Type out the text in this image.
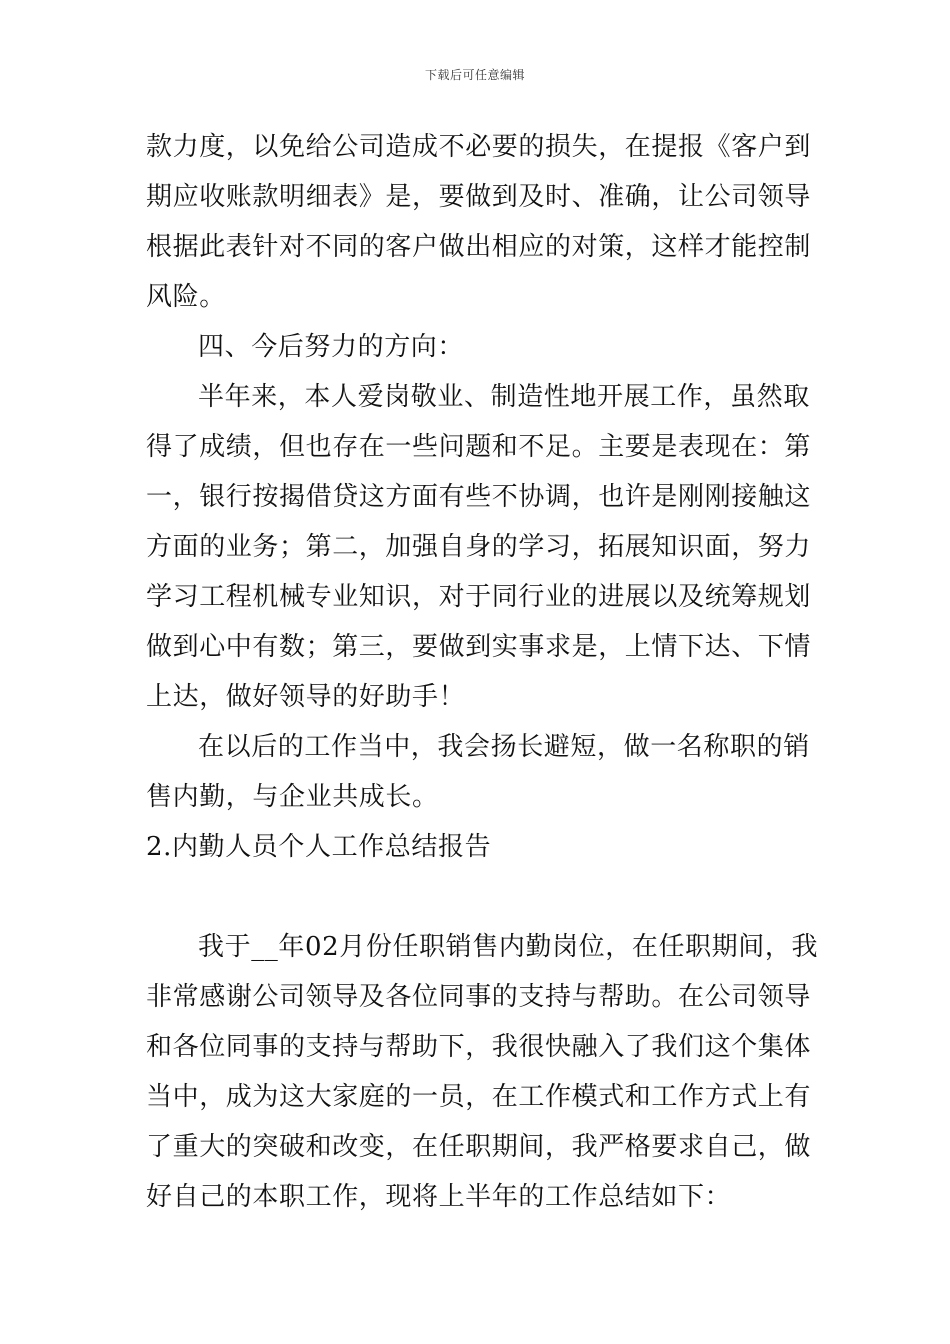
下载后可任意编辑
款力度，以免给公司造成不必要的损失，在提报《客户到
期应收账款明细表》是，要做到及时、准确，让公司领导
根据此表针对不同的客户做出相应的对策，这样才能控制
风险。
四、今后努力的方向：
半年来，本人爱岗敬业、制造性地开展工作，虽然取
得了成绩，但也存在一些问题和不足。主要是表现在：第
一，银行按揭借贷这方面有些不协调，也许是刚刚接触这
方面的业务；第二，加强自身的学习，拓展知识面，努力
学习工程机械专业知识，对于同行业的进展以及统筹规划
做到心中有数；第三，要做到实事求是，上情下达、下情
上达，做好领导的好助手！
在以后的工作当中，我会扬长避短，做一名称职的销
售内勤，与企业共成长。
2.内勤人员个人工作总结报告
我于__年02月份任职销售内勤岗位，在任职期间，我
非常感谢公司领导及各位同事的支持与帮助。在公司领导
和各位同事的支持与帮助下，我很快融入了我们这个集体
当中，成为这大家庭的一员，在工作模式和工作方式上有
了重大的突破和改变，在任职期间，我严格要求自己，做
好自己的本职工作，现将上半年的工作总结如下：
